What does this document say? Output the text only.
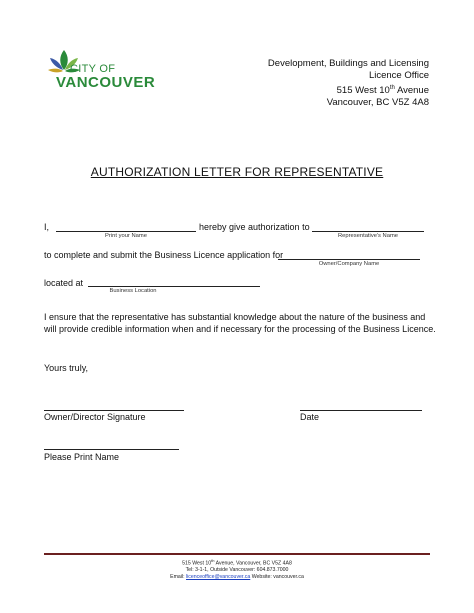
CITY OF
VANCOUVER
Development, Buildings and Licensing
Licence Office
515 West 10th Avenue
Vancouver, BC V5Z 4A8
AUTHORIZATION LETTER FOR REPRESENTATIVE
I,
Print your Name
hereby give authorization to
Representative's Name
to complete and submit the Business Licence application for
Owner/Company Name
located at
Business Location
I ensure that the representative has substantial knowledge about the nature of the business and will provide credible information when and if necessary for the processing of the Business Licence.
Yours truly,
Owner/Director Signature	Date
Please Print Name
515 West 10th Avenue, Vancouver, BC V5Z 4A8
Tel: 3-1-1, Outside Vancouver: 604.873.7000
Email: licenceoffice@vancouver.ca Website: vancouver.ca
